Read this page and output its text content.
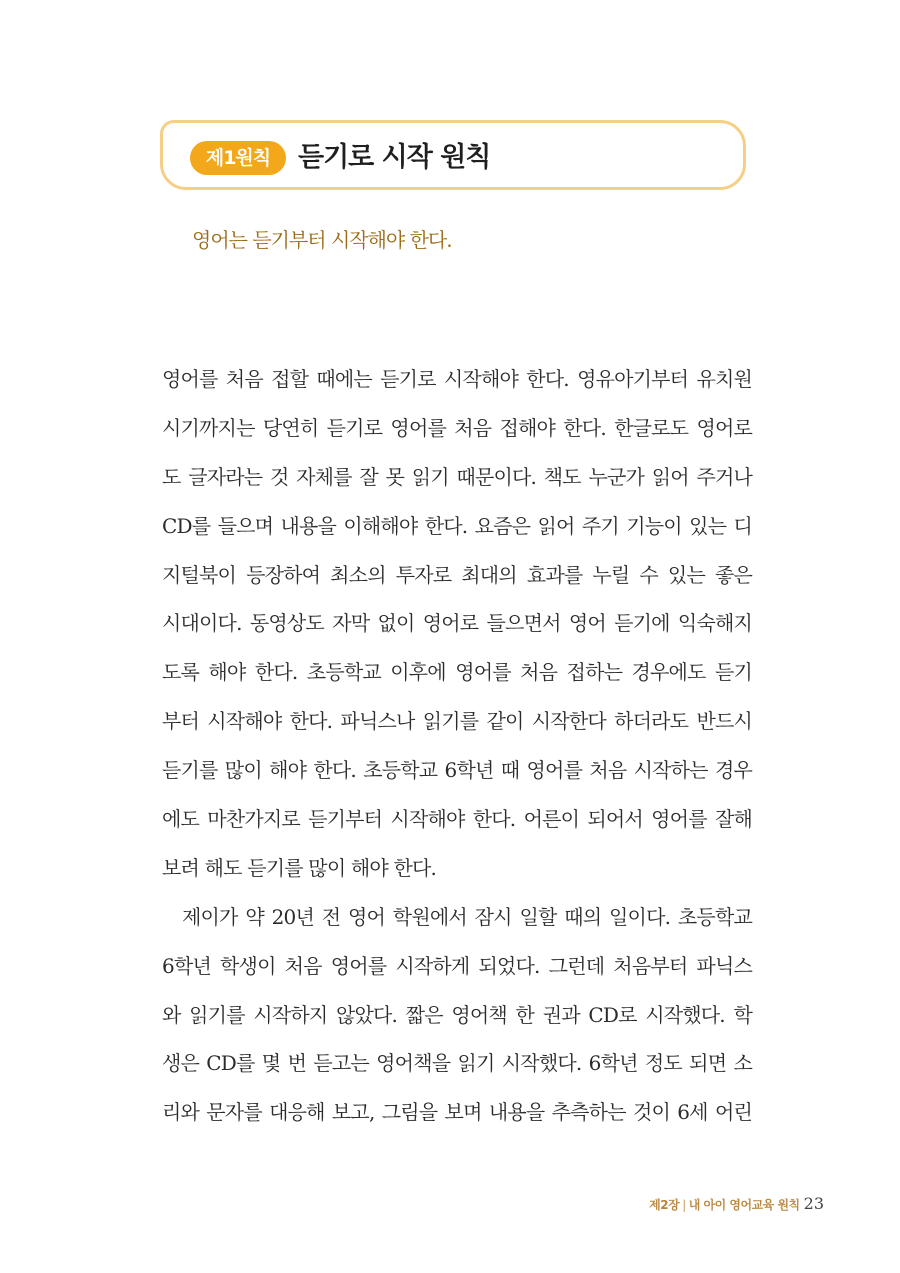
제1원칙	듣기로 시작 원칙
영어는 듣기부터 시작해야 한다.
영어를 처음 접할 때에는 듣기로 시작해야 한다. 영유아기부터 유치원
시기까지는 당연히 듣기로 영어를 처음 접해야 한다. 한글로도 영어로
도 글자라는 것 자체를 잘 못 읽기 때문이다. 책도 누군가 읽어 주거나
CD를 들으며 내용을 이해해야 한다. 요즘은 읽어 주기 기능이 있는 디
지털북이 등장하여 최소의 투자로 최대의 효과를 누릴 수 있는 좋은
시대이다. 동영상도 자막 없이 영어로 들으면서 영어 듣기에 익숙해지
도록 해야 한다. 초등학교 이후에 영어를 처음 접하는 경우에도 듣기
부터 시작해야 한다. 파닉스나 읽기를 같이 시작한다 하더라도 반드시
듣기를 많이 해야 한다. 초등학교 6학년 때 영어를 처음 시작하는 경우
에도 마찬가지로 듣기부터 시작해야 한다. 어른이 되어서 영어를 잘해
보려 해도 듣기를 많이 해야 한다.
제이가 약 20년 전 영어 학원에서 잠시 일할 때의 일이다. 초등학교
6학년 학생이 처음 영어를 시작하게 되었다. 그런데 처음부터 파닉스
와 읽기를 시작하지 않았다. 짧은 영어책 한 권과 CD로 시작했다. 학
생은 CD를 몇 번 듣고는 영어책을 읽기 시작했다. 6학년 정도 되면 소
리와 문자를 대응해 보고, 그림을 보며 내용을 추측하는 것이 6세 어린
제2장 | 내 아이 영어교육 원칙 23
